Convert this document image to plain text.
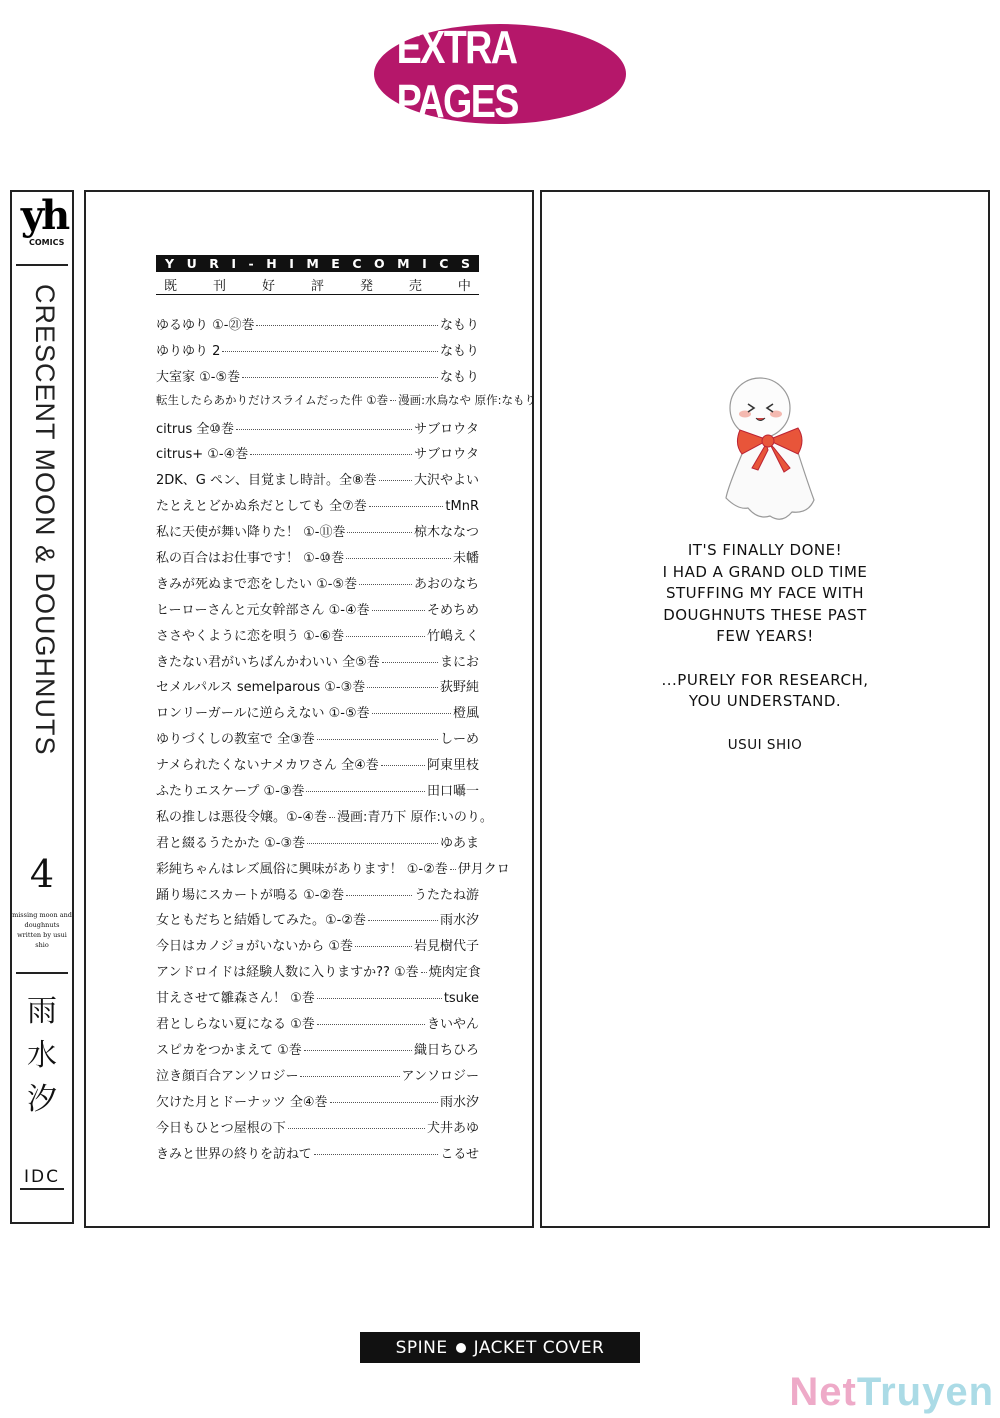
EXTRA PAGES
yh
COMICS
CRESCENT MOON & DOUGHNUTS
4
missing moon and
doughnuts
written by usui shio
雨
水
汐
IDC
Y U R I - H I M E C O M I C S
既	刊	好	評	発	売	中
ゆるゆり ①-㉑巻	なもり
ゆりゆり 2	なもり
大室家 ①-⑤巻	なもり
転生したらあかりだけスライムだった件 ①巻 漫画:水鳥なや 原作:なもり
citrus 全⑩巻	サブロウタ
citrus+ ①-④巻	サブロウタ
2DK、G ペン、目覚まし時計。全⑧巻	大沢やよい
たとえとどかぬ糸だとしても 全⑦巻	tMnR
私に天使が舞い降りた！ ①-⑪巻	椋木ななつ
私の百合はお仕事です！ ①-⑩巻	未幡
きみが死ぬまで恋をしたい ①-⑤巻	あおのなち
ヒーローさんと元女幹部さん ①-④巻	そめちめ
ささやくように恋を唄う ①-⑥巻	竹嶋えく
きたない君がいちばんかわいい 全⑤巻	まにお
セメルパルス semelparous ①-③巻	荻野純
ロンリーガールに逆らえない ①-⑤巻	橙風
ゆりづくしの教室で 全③巻	しーめ
ナメられたくないナメカワさん 全④巻	阿東里枝
ふたりエスケープ ①-③巻	田口囁一
私の推しは悪役令嬢。①-④巻 漫画:青乃下 原作:いのり。
君と綴るうたかた ①-③巻	ゆあま
彩純ちゃんはレズ風俗に興味があります！ ①-②巻 伊月クロ
踊り場にスカートが鳴る ①-②巻	うたたね游
女ともだちと結婚してみた。①-②巻	雨水汐
今日はカノジョがいないから ①巻	岩見樹代子
アンドロイドは経験人数に入りますか?? ①巻 焼肉定食
甘えさせて雛森さん！ ①巻	tsuke
君としらない夏になる ①巻	きいやん
スピカをつかまえて ①巻	織日ちひろ
泣き顔百合アンソロジー	アンソロジー
欠けた月とドーナッツ 全④巻	雨水汐
今日もひとつ屋根の下	犬井あゆ
きみと世界の終りを訪ねて	こるせ
IT'S FINALLY DONE!
I HAD A GRAND OLD TIME
STUFFING MY FACE WITH
DOUGHNUTS THESE PAST
FEW YEARS!
...PURELY FOR RESEARCH,
YOU UNDERSTAND.
USUI SHIO
SPINE JACKET COVER
NetTruyen
